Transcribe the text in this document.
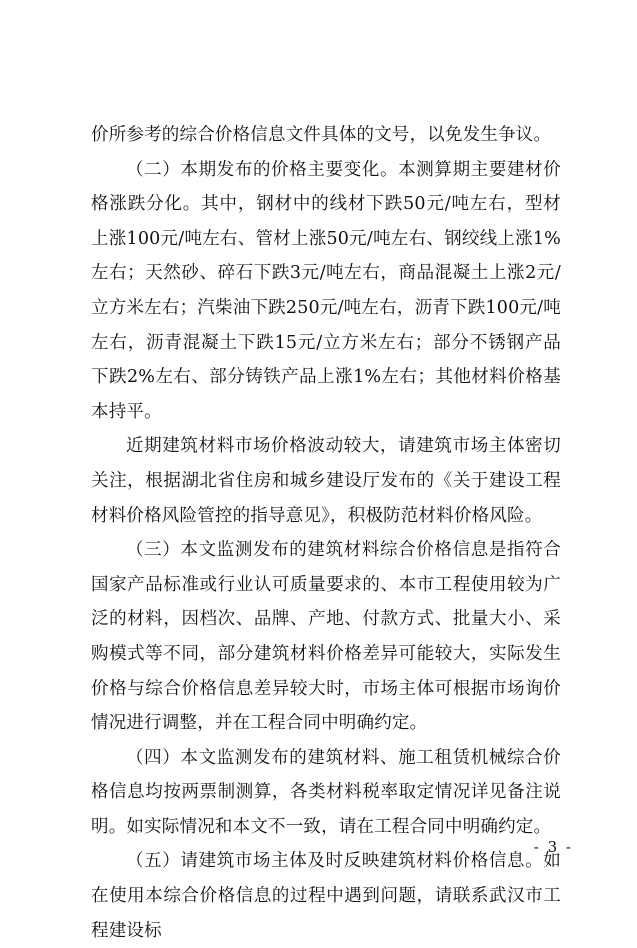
价所参考的综合价格信息文件具体的文号，以免发生争议。

（二）本期发布的价格主要变化。本测算期主要建材价格涨跌分化。其中，钢材中的线材下跌50元/吨左右，型材上涨100元/吨左右、管材上涨50元/吨左右、钢绞线上涨1%左右；天然砂、碎石下跌3元/吨左右，商品混凝土上涨2元/立方米左右；汽柴油下跌250元/吨左右，沥青下跌100元/吨左右，沥青混凝土下跌15元/立方米左右；部分不锈钢产品下跌2%左右、部分铸铁产品上涨1%左右；其他材料价格基本持平。

近期建筑材料市场价格波动较大，请建筑市场主体密切关注，根据湖北省住房和城乡建设厅发布的《关于建设工程材料价格风险管控的指导意见》，积极防范材料价格风险。

（三）本文监测发布的建筑材料综合价格信息是指符合国家产品标准或行业认可质量要求的、本市工程使用较为广泛的材料，因档次、品牌、产地、付款方式、批量大小、采购模式等不同，部分建筑材料价格差异可能较大，实际发生价格与综合价格信息差异较大时，市场主体可根据市场询价情况进行调整，并在工程合同中明确约定。

（四）本文监测发布的建筑材料、施工租赁机械综合价格信息均按两票制测算，各类材料税率取定情况详见备注说明。如实际情况和本文不一致，请在工程合同中明确约定。

（五）请建筑市场主体及时反映建筑材料价格信息。如在使用本综合价格信息的过程中遇到问题，请联系武汉市工程建设标

- 3 -
